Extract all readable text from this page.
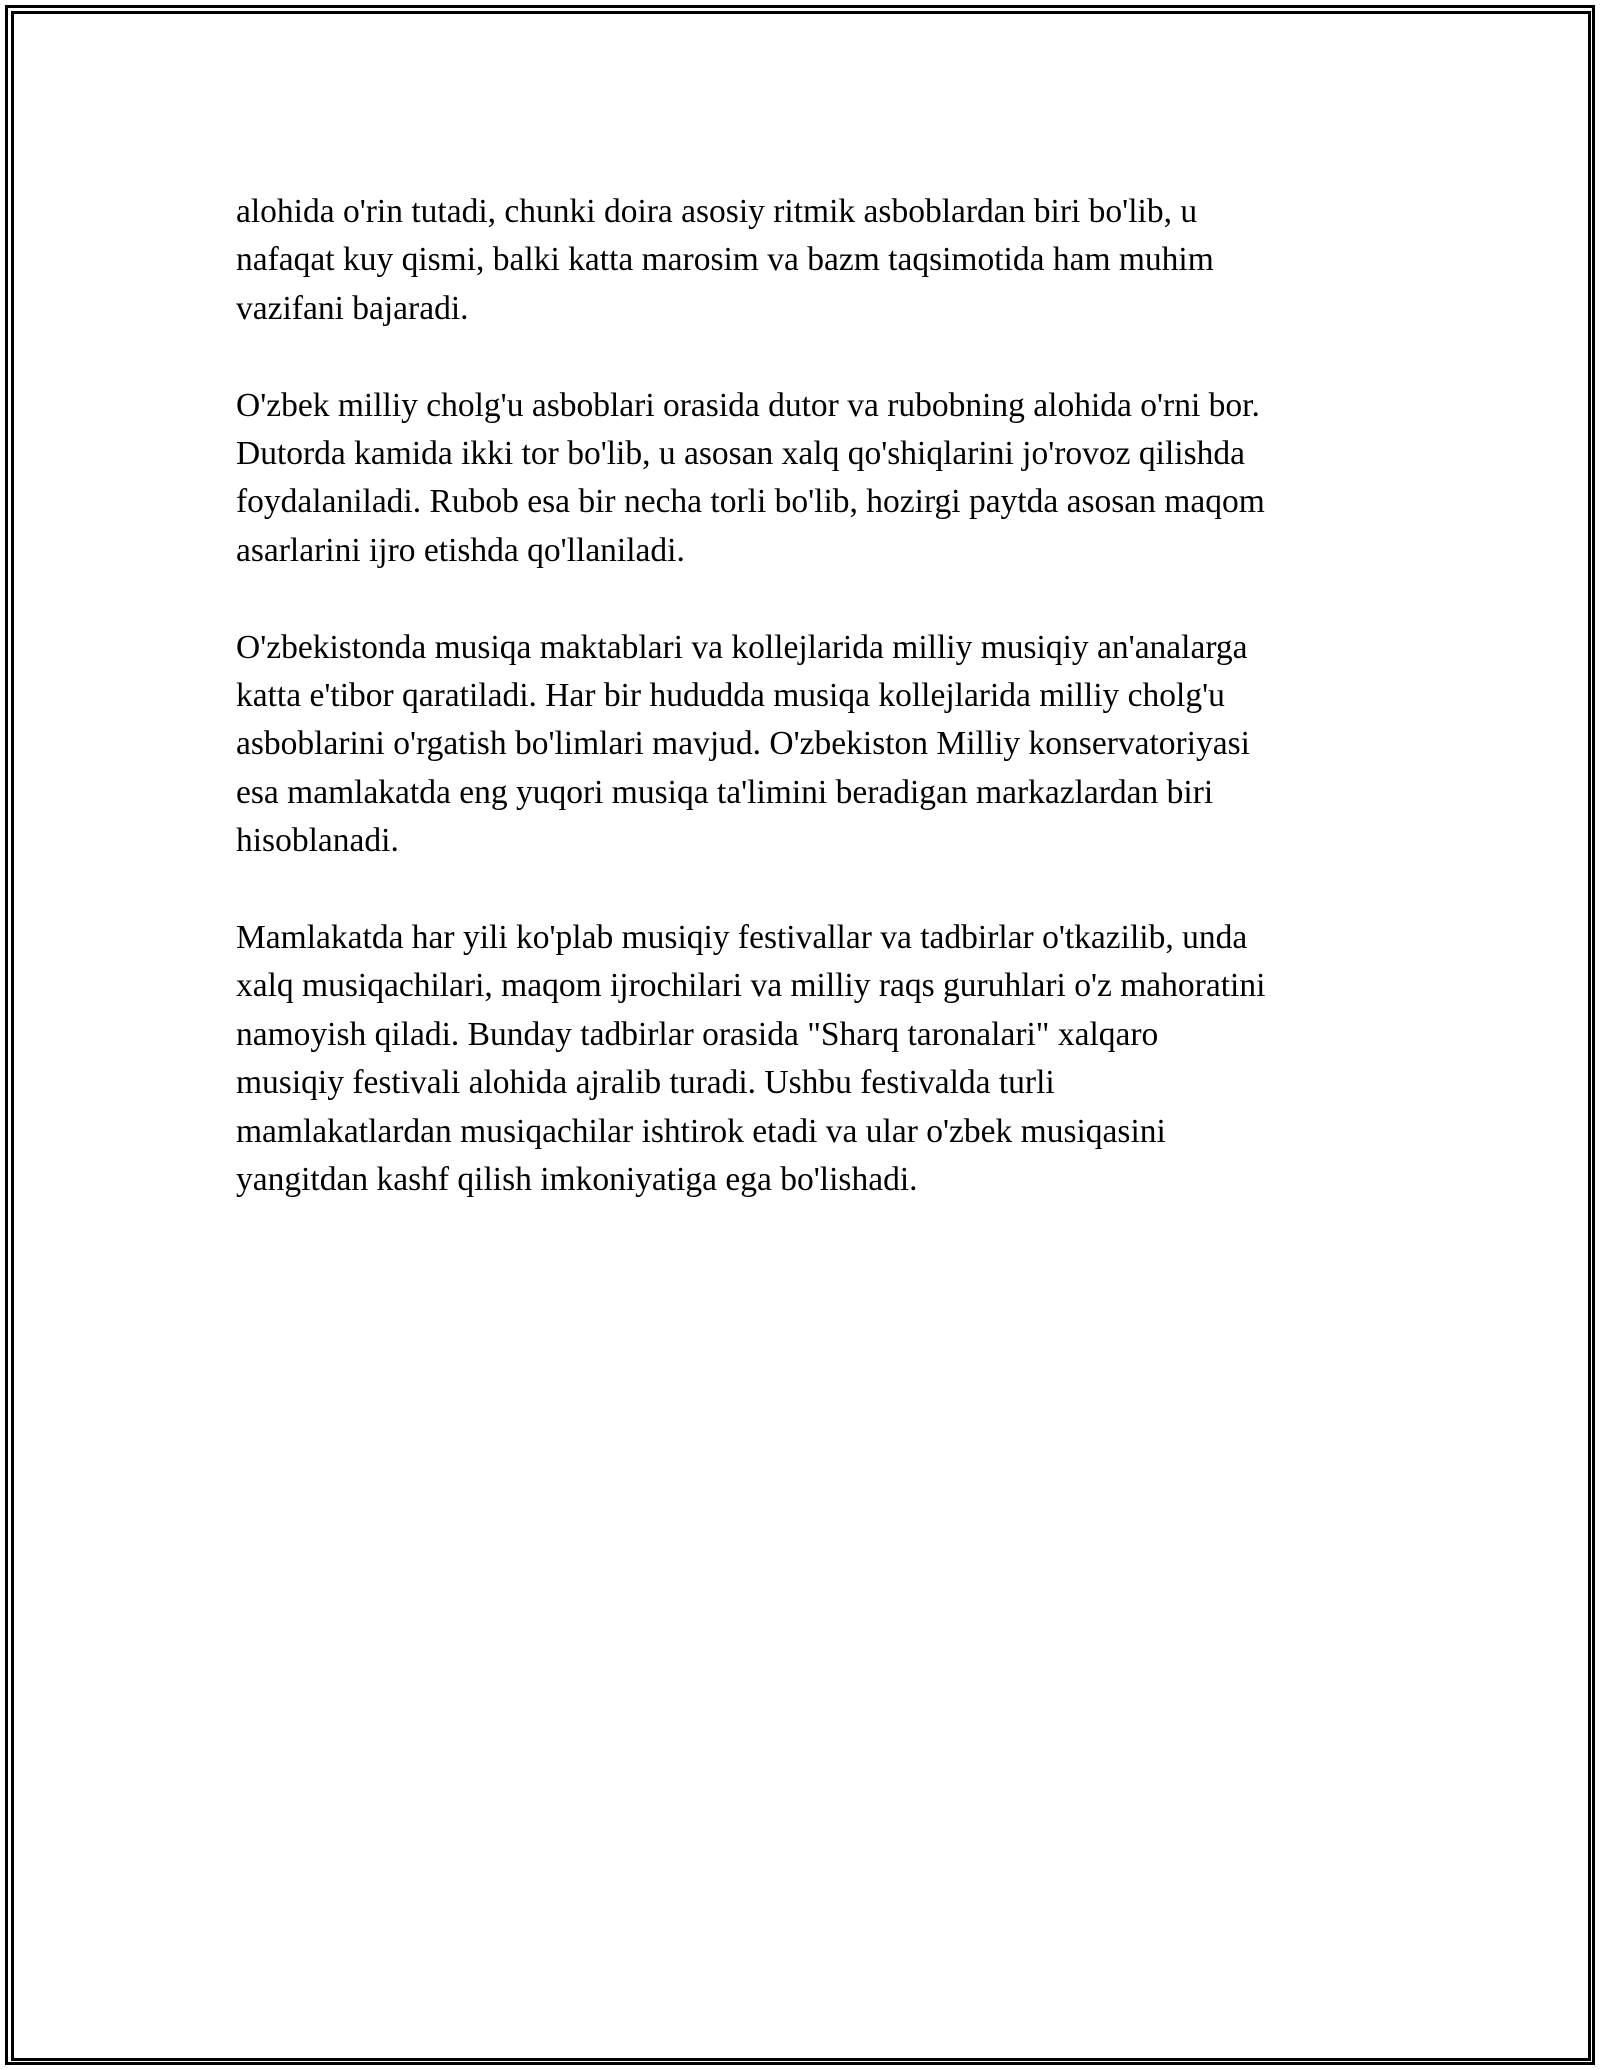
alohida o'rin tutadi, chunki doira asosiy ritmik asboblardan biri bo'lib, u
nafaqat kuy qismi, balki katta marosim va bazm taqsimotida ham muhim
vazifani bajaradi.

O'zbek milliy cholg'u asboblari orasida dutor va rubobning alohida o'rni bor.
Dutorda kamida ikki tor bo'lib, u asosan xalq qo'shiqlarini jo'rovoz qilishda
foydalaniladi. Rubob esa bir necha torli bo'lib, hozirgi paytda asosan maqom
asarlarini ijro etishda qo'llaniladi.

O'zbekistonda musiqa maktablari va kollejlarida milliy musiqiy an'analarga
katta e'tibor qaratiladi. Har bir hududda musiqa kollejlarida milliy cholg'u
asboblarini o'rgatish bo'limlari mavjud. O'zbekiston Milliy konservatoriyasi
esa mamlakatda eng yuqori musiqa ta'limini beradigan markazlardan biri
hisoblanadi.

Mamlakatda har yili ko'plab musiqiy festivallar va tadbirlar o'tkazilib, unda
xalq musiqachilari, maqom ijrochilari va milliy raqs guruhlari o'z mahoratini
namoyish qiladi. Bunday tadbirlar orasida "Sharq taronalari" xalqaro
musiqiy festivali alohida ajralib turadi. Ushbu festivalda turli
mamlakatlardan musiqachilar ishtirok etadi va ular o'zbek musiqasini
yangitdan kashf qilish imkoniyatiga ega bo'lishadi.
